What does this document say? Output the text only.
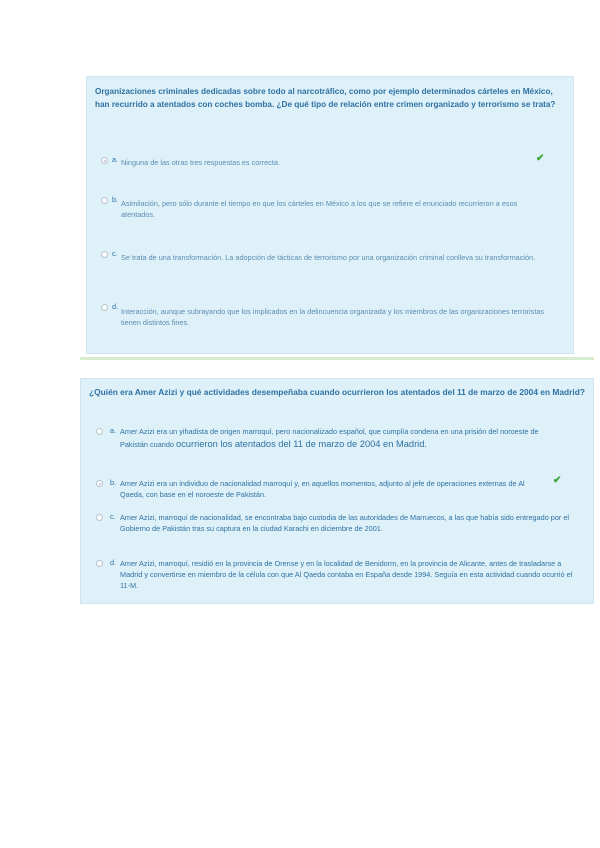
Organizaciones criminales dedicadas sobre todo al narcotráfico, como por ejemplo determinados cárteles en México, han recurrido a atentados con coches bomba. ¿De qué tipo de relación entre crimen organizado y terrorismo se trata?
a. Ninguna de las otras tres respuestas es correcta.	✔
b. Asimilación, pero sólo durante el tiempo en que los cárteles en México a los que se refiere el enunciado recurrieron a esos atentados.
c. Se trata de una transformación. La adopción de tácticas de terrorismo por una organización criminal conlleva su transformación.
d.
Interacción, aunque subrayando que los implicados en la delincuencia organizada y los miembros de las organizaciones terroristas tienen distintos fines.
¿Quién era Amer Azizi y qué actividades desempeñaba cuando ocurrieron los atentados del 11 de marzo de 2004 en Madrid?
a. Amer Azizi era un yihadista de origen marroquí, pero nacionalizado español, que cumplía condena en una prisión del noroeste de Pakistán cuando ocurrieron los atentados del 11 de marzo de 2004 en Madrid.
b. Amer Azizi era un individuo de nacionalidad marroquí y, en aquellos momentos, adjunto al jefe de operaciones externas de Al Qaeda, con base en el noroeste de Pakistán.
✔
c. Amer Azizi, marroquí de nacionalidad, se encontraba bajo custodia de las autoridades de Marruecos, a las que había sido entregado por el Gobierno de Pakistán tras su captura en la ciudad Karachi en diciembre de 2001.
d. Amer Azizi, marroquí, residió en la provincia de Orense y en la localidad de Benidorm, en la provincia de Alicante, antes de trasladarse a Madrid y convertirse en miembro de la célula con que Al Qaeda contaba en España desde 1994. Seguía en esta actividad cuando ocurrió el 11-M.
